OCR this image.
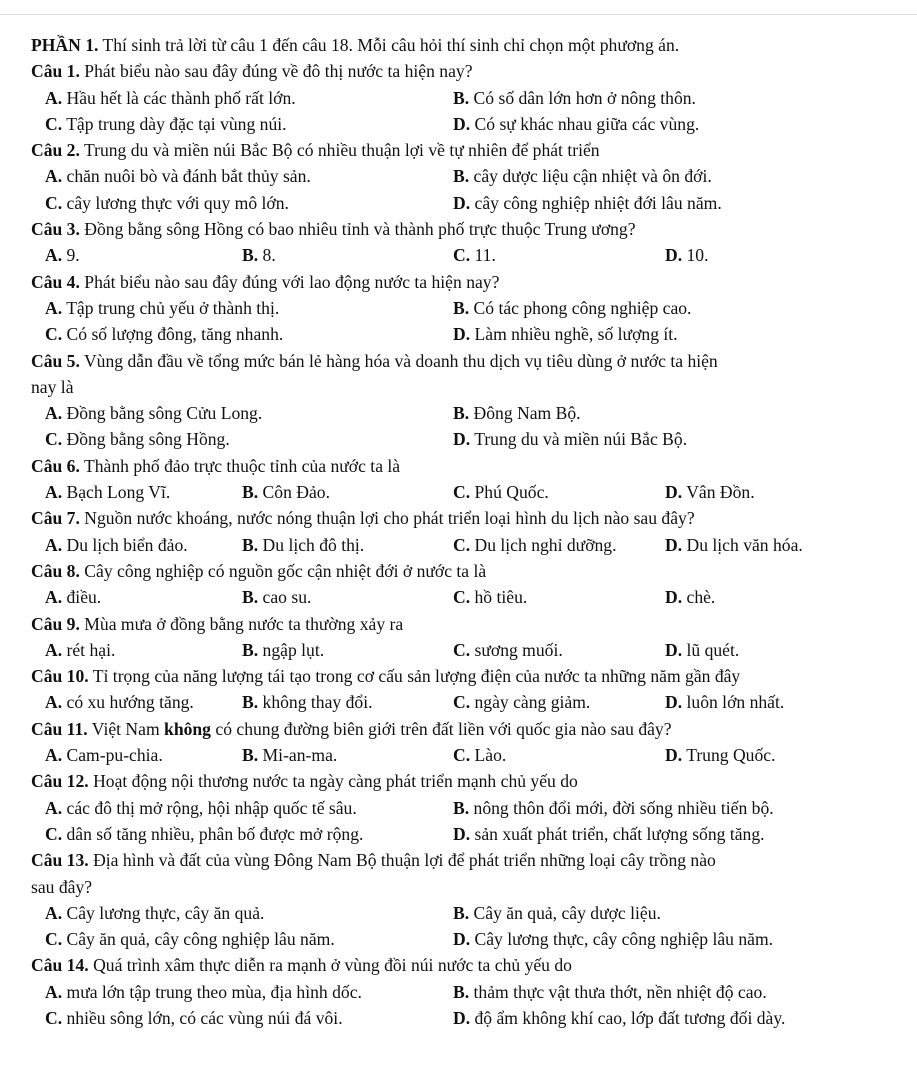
PHẦN 1. Thí sinh trả lời từ câu 1 đến câu 18. Mỗi câu hỏi thí sinh chỉ chọn một phương án.
Câu 1. Phát biểu nào sau đây đúng về đô thị nước ta hiện nay?
A. Hầu hết là các thành phố rất lớn.	B. Có số dân lớn hơn ở nông thôn.
C. Tập trung dày đặc tại vùng núi.	D. Có sự khác nhau giữa các vùng.
Câu 2. Trung du và miền núi Bắc Bộ có nhiều thuận lợi về tự nhiên để phát triển
A. chăn nuôi bò và đánh bắt thủy sản.	B. cây dược liệu cận nhiệt và ôn đới.
C. cây lương thực với quy mô lớn.	D. cây công nghiệp nhiệt đới lâu năm.
Câu 3. Đồng bằng sông Hồng có bao nhiêu tỉnh và thành phố trực thuộc Trung ương?
A. 9.	B. 8.	C. 11.	D. 10.
Câu 4. Phát biểu nào sau đây đúng với lao động nước ta hiện nay?
A. Tập trung chủ yếu ở thành thị.	B. Có tác phong công nghiệp cao.
C. Có số lượng đông, tăng nhanh.	D. Làm nhiều nghề, số lượng ít.
Câu 5. Vùng dẫn đầu về tổng mức bán lẻ hàng hóa và doanh thu dịch vụ tiêu dùng ở nước ta hiện
nay là
A. Đồng bằng sông Cửu Long.	B. Đông Nam Bộ.
C. Đồng bằng sông Hồng.	D. Trung du và miền núi Bắc Bộ.
Câu 6. Thành phố đảo trực thuộc tỉnh của nước ta là
A. Bạch Long Vĩ.	B. Côn Đảo.	C. Phú Quốc.	D. Vân Đồn.
Câu 7. Nguồn nước khoáng, nước nóng thuận lợi cho phát triển loại hình du lịch nào sau đây?
A. Du lịch biển đảo.	B. Du lịch đô thị.	C. Du lịch nghỉ dưỡng.	D. Du lịch văn hóa.
Câu 8. Cây công nghiệp có nguồn gốc cận nhiệt đới ở nước ta là
A. điều.	B. cao su.	C. hồ tiêu.	D. chè.
Câu 9. Mùa mưa ở đồng bằng nước ta thường xảy ra
A. rét hại.	B. ngập lụt.	C. sương muối.	D. lũ quét.
Câu 10. Tỉ trọng của năng lượng tái tạo trong cơ cấu sản lượng điện của nước ta những năm gần đây
A. có xu hướng tăng.	B. không thay đổi.	C. ngày càng giảm.	D. luôn lớn nhất.
Câu 11. Việt Nam không có chung đường biên giới trên đất liền với quốc gia nào sau đây?
A. Cam-pu-chia.	B. Mi-an-ma.	C. Lào.	D. Trung Quốc.
Câu 12. Hoạt động nội thương nước ta ngày càng phát triển mạnh chủ yếu do
A. các đô thị mở rộng, hội nhập quốc tế sâu.	B. nông thôn đổi mới, đời sống nhiều tiến bộ.
C. dân số tăng nhiều, phân bố được mở rộng.	D. sản xuất phát triển, chất lượng sống tăng.
Câu 13. Địa hình và đất của vùng Đông Nam Bộ thuận lợi để phát triển những loại cây trồng nào
sau đây?
A. Cây lương thực, cây ăn quả.	B. Cây ăn quả, cây dược liệu.
C. Cây ăn quả, cây công nghiệp lâu năm.	D. Cây lương thực, cây công nghiệp lâu năm.
Câu 14. Quá trình xâm thực diễn ra mạnh ở vùng đồi núi nước ta chủ yếu do
A. mưa lớn tập trung theo mùa, địa hình dốc.	B. thảm thực vật thưa thớt, nền nhiệt độ cao.
C. nhiều sông lớn, có các vùng núi đá vôi.	D. độ ẩm không khí cao, lớp đất tương đối dày.
